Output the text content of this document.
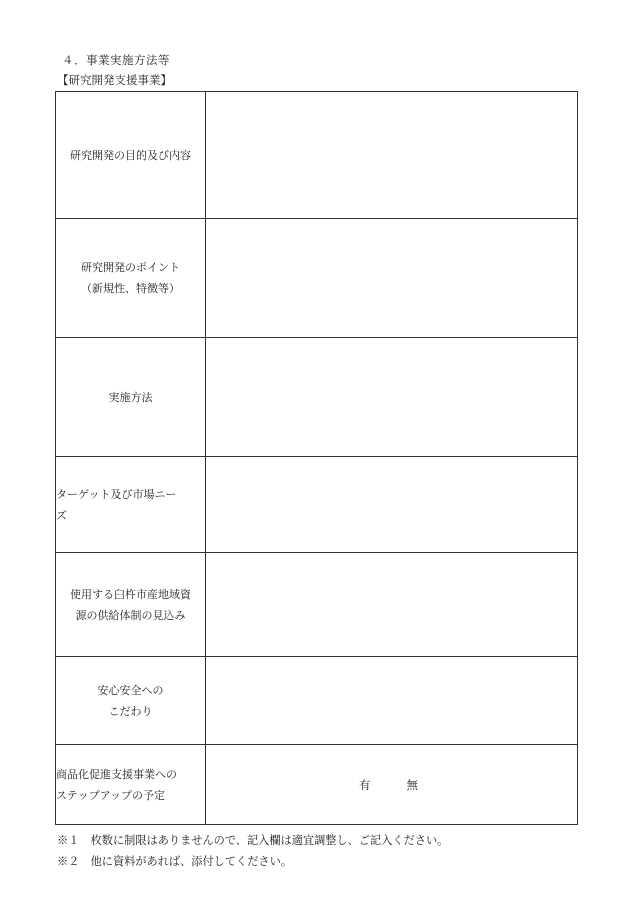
４．事業実施方法等
【研究開発支援事業】
研究開発の目的及び内容	

研究開発のポイント
（新規性、特徴等）	

実施方法	

ターゲット及び市場ニー
ズ	

使用する臼杵市産地域資
源の供給体制の見込み	

安心安全への
こだわり	

商品化促進支援事業への
ステップアップの予定	有 無
※１　枚数に制限はありませんので、記入欄は適宜調整し、ご記入ください。
※２　他に資料があれば、添付してください。
